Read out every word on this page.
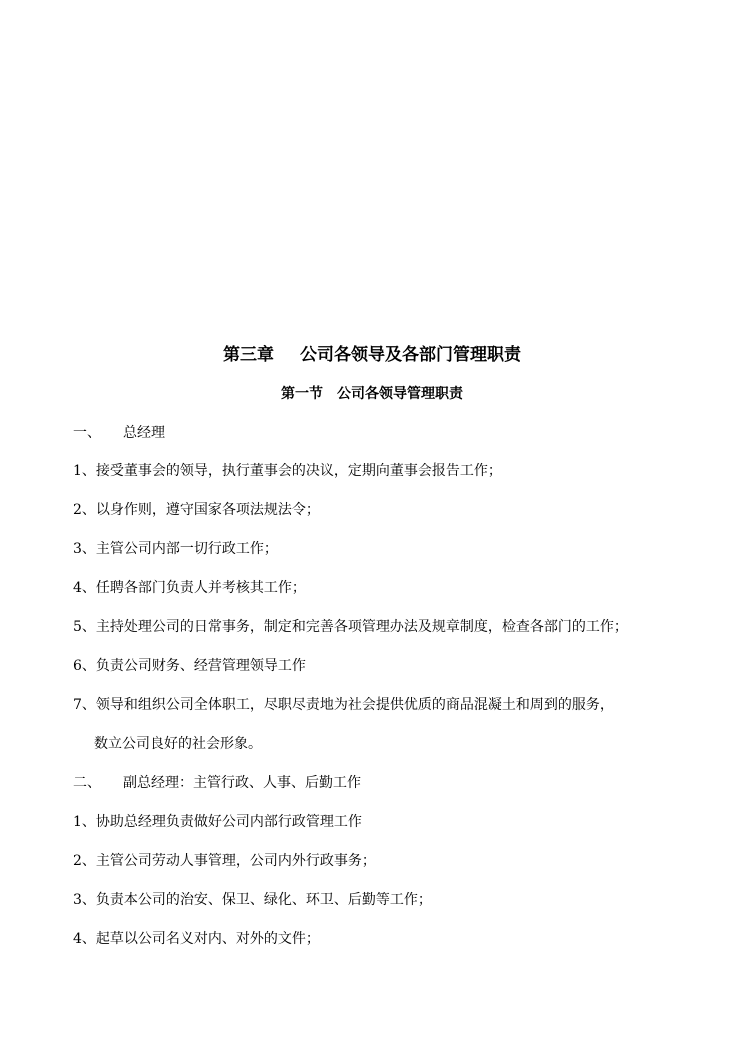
第三章 公司各领导及各部门管理职责
第一节 公司各领导管理职责
一、 总经理
1、接受董事会的领导，执行董事会的决议，定期向董事会报告工作；
2、以身作则，遵守国家各项法规法令；
3、主管公司内部一切行政工作；
4、任聘各部门负责人并考核其工作；
5、主持处理公司的日常事务，制定和完善各项管理办法及规章制度，检查各部门的工作；
6、负责公司财务、经营管理领导工作
7、领导和组织公司全体职工，尽职尽责地为社会提供优质的商品混凝土和周到的服务，
数立公司良好的社会形象。
二、 副总经理：主管行政、人事、后勤工作
1、协助总经理负责做好公司内部行政管理工作
2、主管公司劳动人事管理，公司内外行政事务；
3、负责本公司的治安、保卫、绿化、环卫、后勤等工作；
4、起草以公司名义对内、对外的文件；
